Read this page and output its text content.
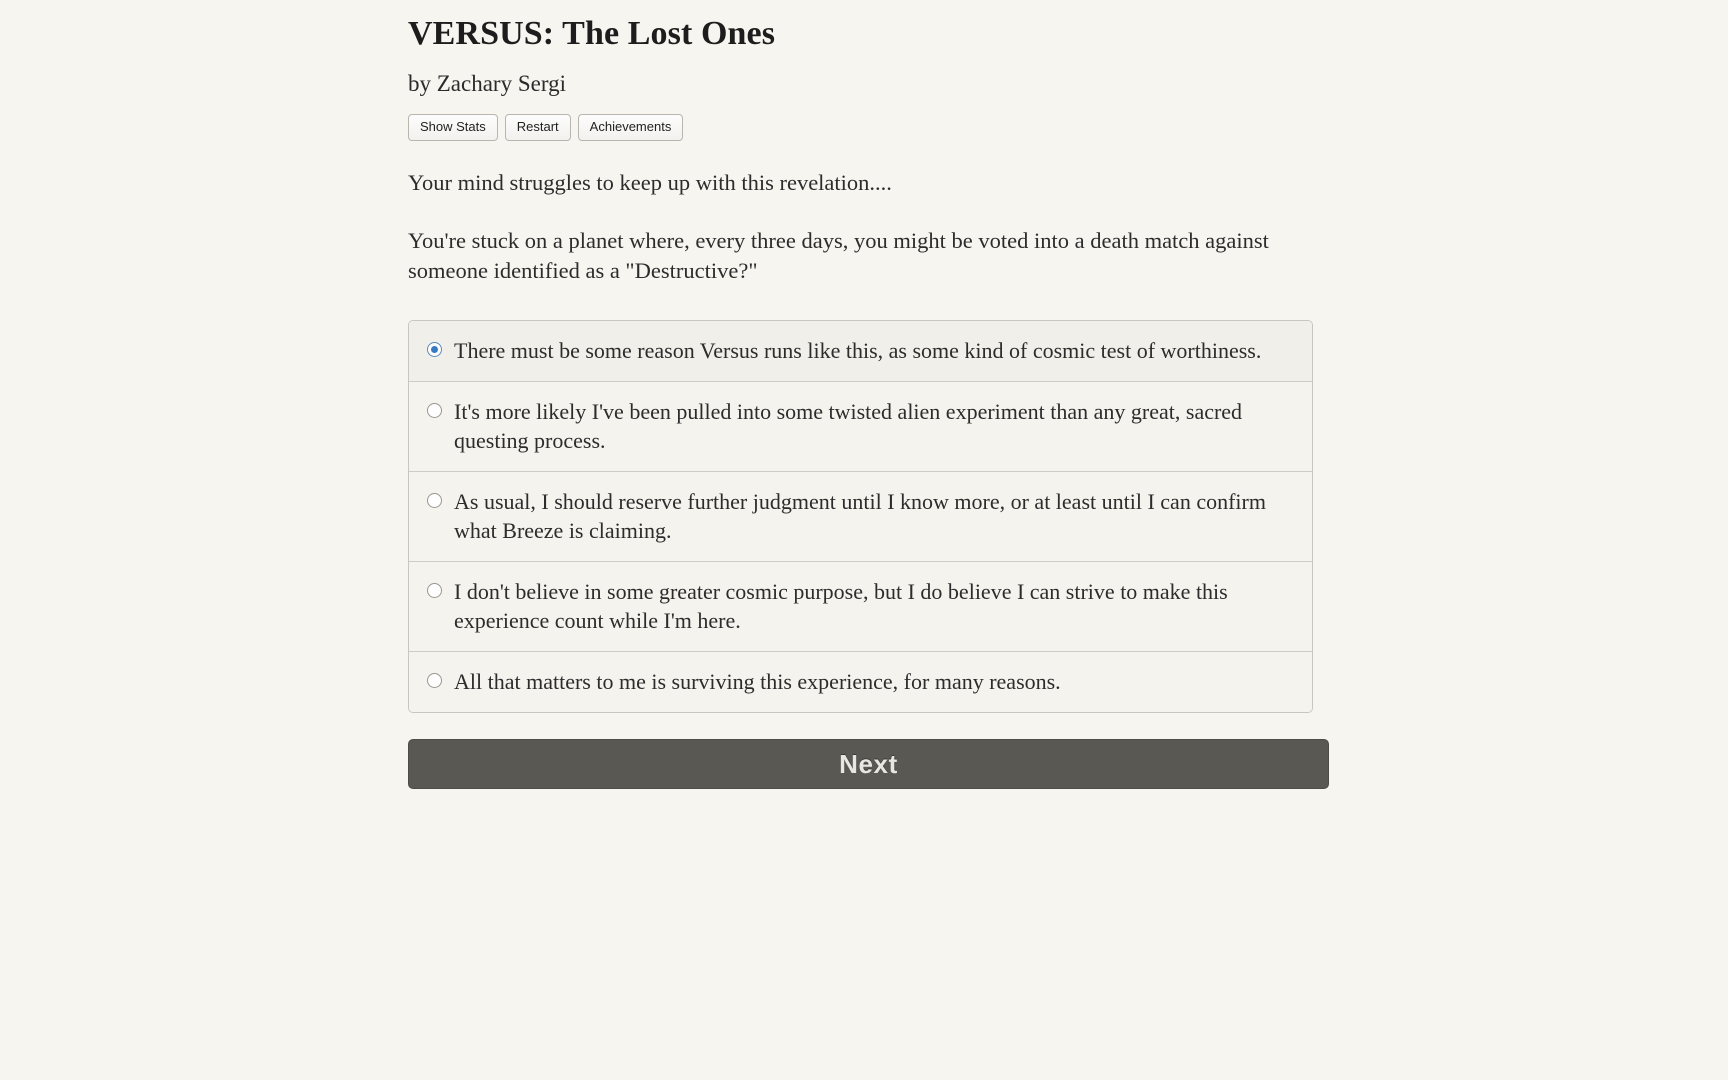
VERSUS: The Lost Ones
by Zachary Sergi
Show Stats	Restart	Achievements
Your mind struggles to keep up with this revelation....
You're stuck on a planet where, every three days, you might be voted into a death match against someone identified as a "Destructive?"
There must be some reason Versus runs like this, as some kind of cosmic test of worthiness.
It's more likely I've been pulled into some twisted alien experiment than any great, sacred questing process.
As usual, I should reserve further judgment until I know more, or at least until I can confirm what Breeze is claiming.
I don't believe in some greater cosmic purpose, but I do believe I can strive to make this experience count while I'm here.
All that matters to me is surviving this experience, for many reasons.
Next
